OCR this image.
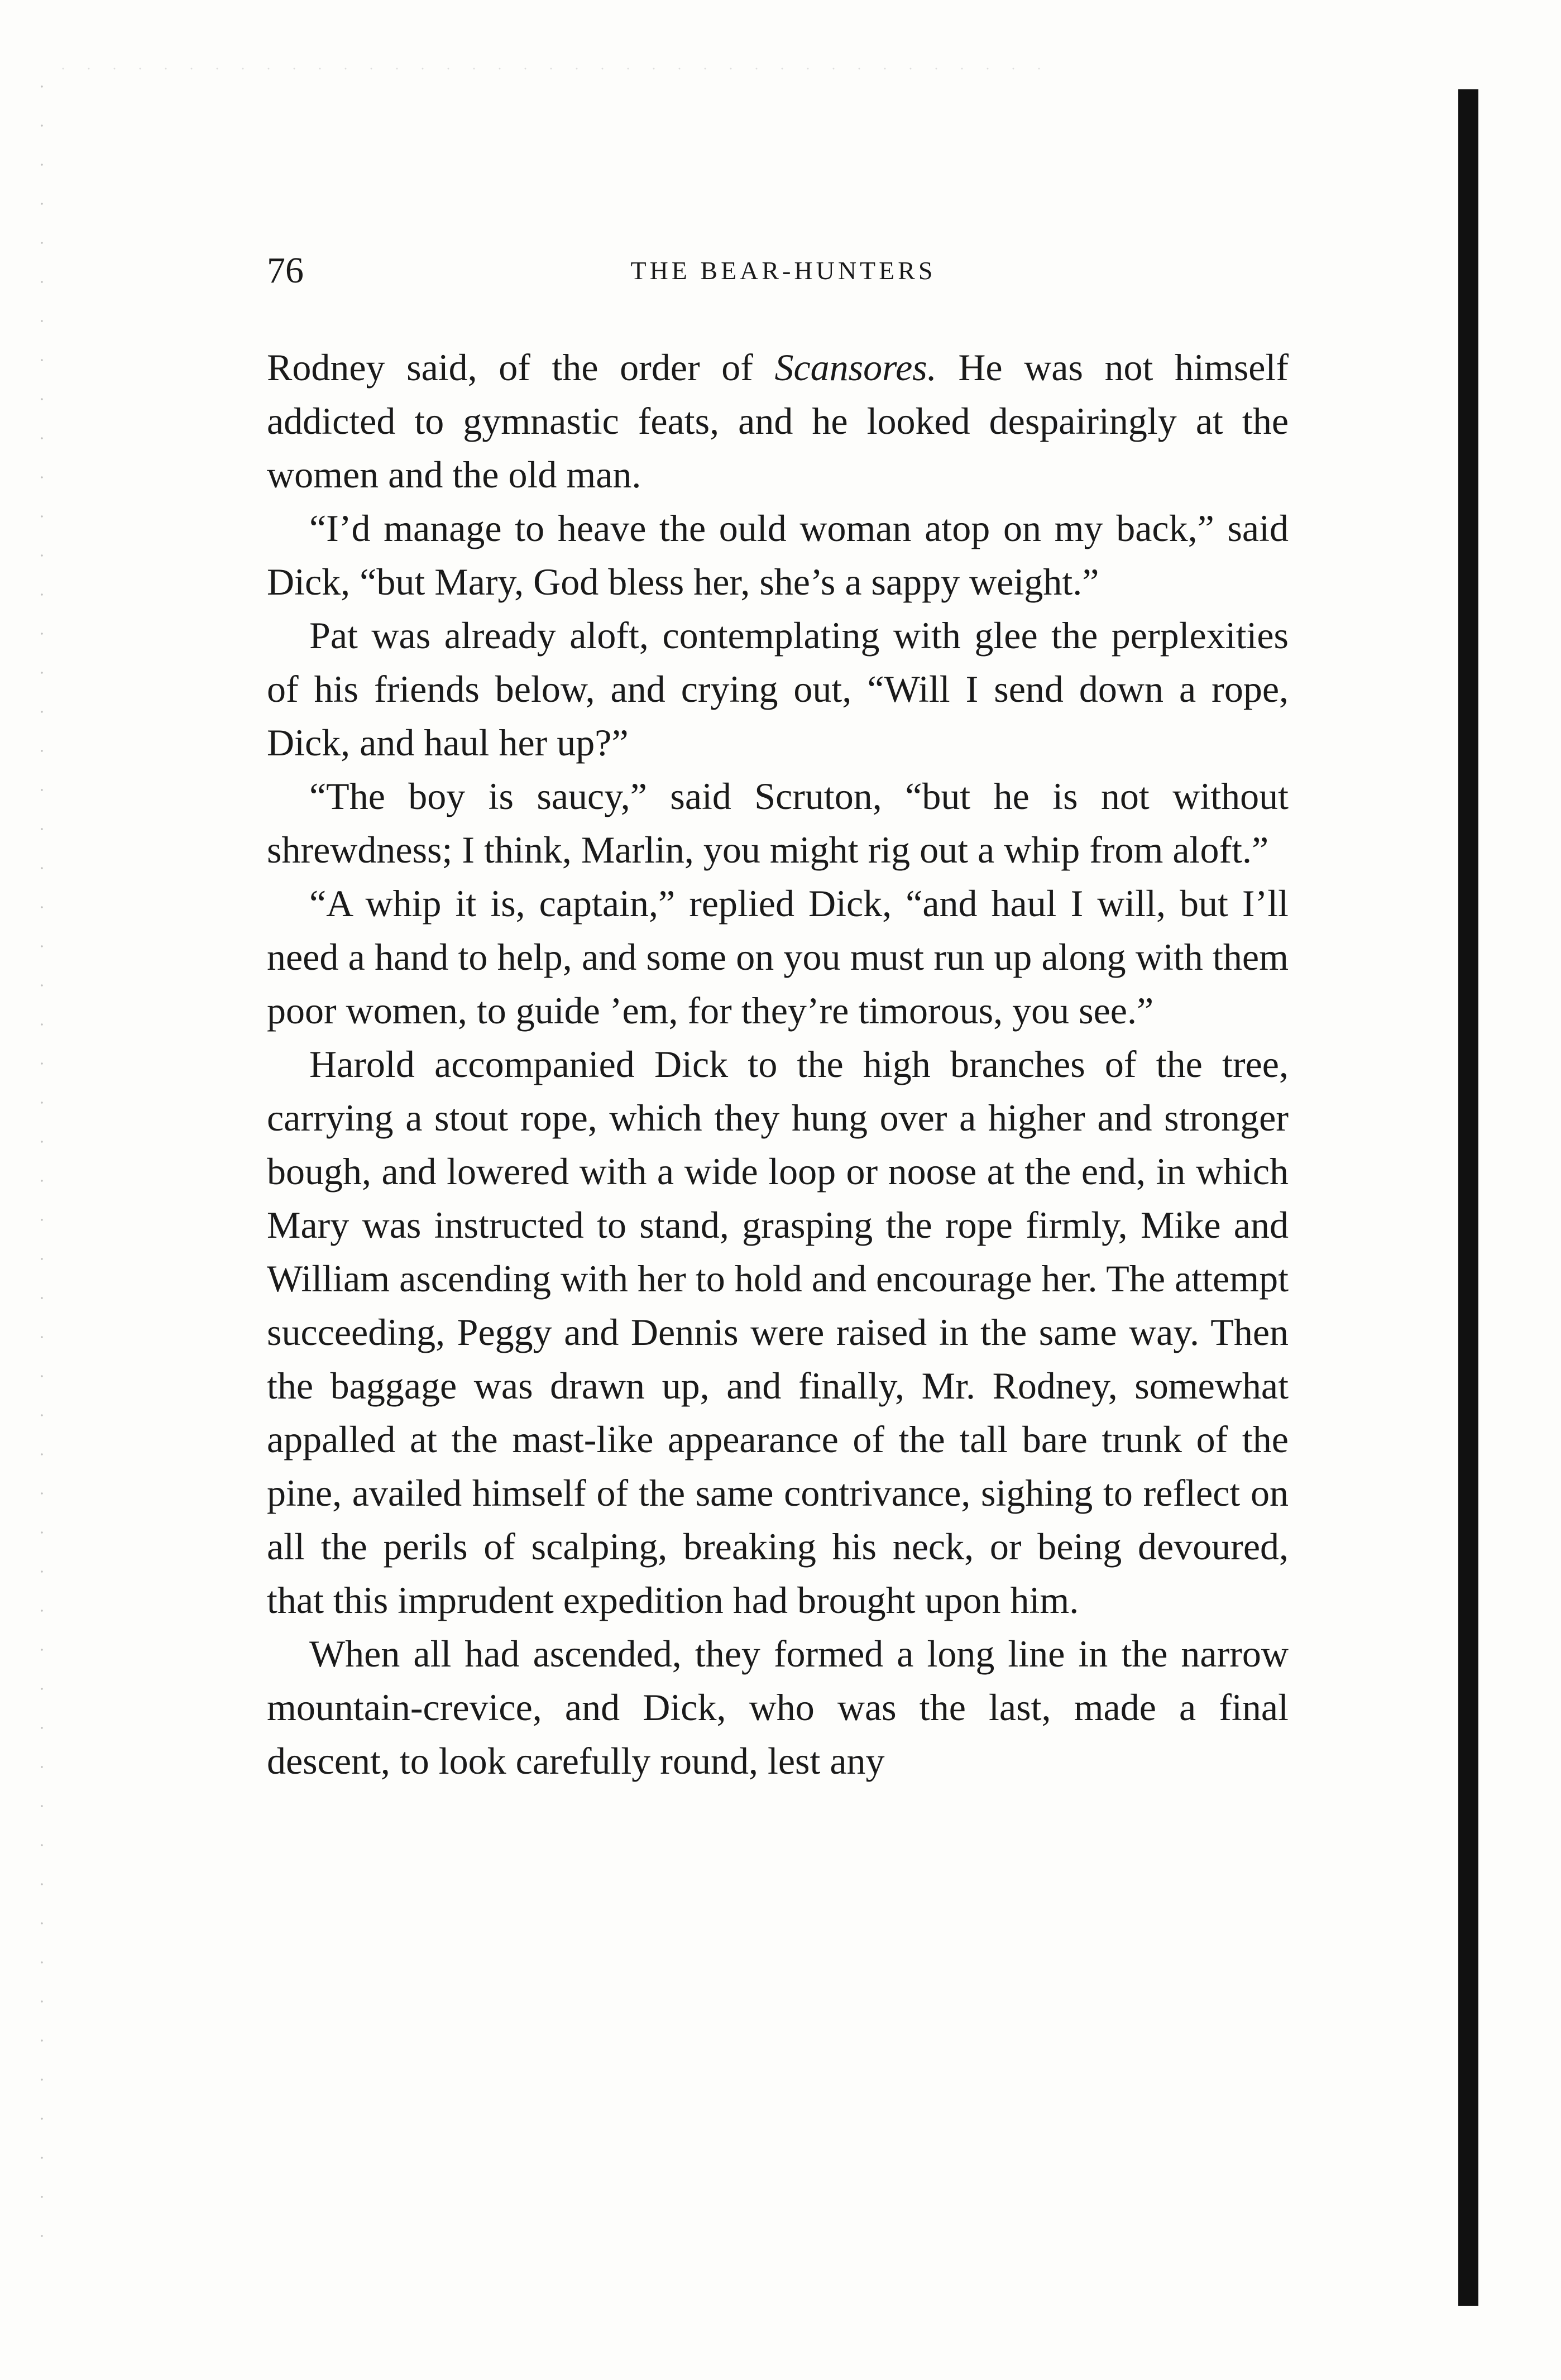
76	THE BEAR-HUNTERS

Rodney said, of the order of Scansores. He was not himself addicted to gymnastic feats, and he looked despairingly at the women and the old man.

“I’d manage to heave the ould woman atop on my back,” said Dick, “but Mary, God bless her, she’s a sappy weight.”

Pat was already aloft, contemplating with glee the perplexities of his friends below, and crying out, “Will I send down a rope, Dick, and haul her up?”

“The boy is saucy,” said Scruton, “but he is not without shrewdness; I think, Marlin, you might rig out a whip from aloft.”

“A whip it is, captain,” replied Dick, “and haul I will, but I’ll need a hand to help, and some on you must run up along with them poor women, to guide ’em, for they’re timorous, you see.”

Harold accompanied Dick to the high branches of the tree, carrying a stout rope, which they hung over a higher and stronger bough, and lowered with a wide loop or noose at the end, in which Mary was instructed to stand, grasping the rope firmly, Mike and William ascending with her to hold and encourage her. The attempt succeeding, Peggy and Dennis were raised in the same way. Then the baggage was drawn up, and finally, Mr. Rodney, somewhat appalled at the mast-like appearance of the tall bare trunk of the pine, availed himself of the same contrivance, sighing to reflect on all the perils of scalping, breaking his neck, or being devoured, that this imprudent expedition had brought upon him.

When all had ascended, they formed a long line in the narrow mountain-crevice, and Dick, who was the last, made a final descent, to look carefully round, lest any
